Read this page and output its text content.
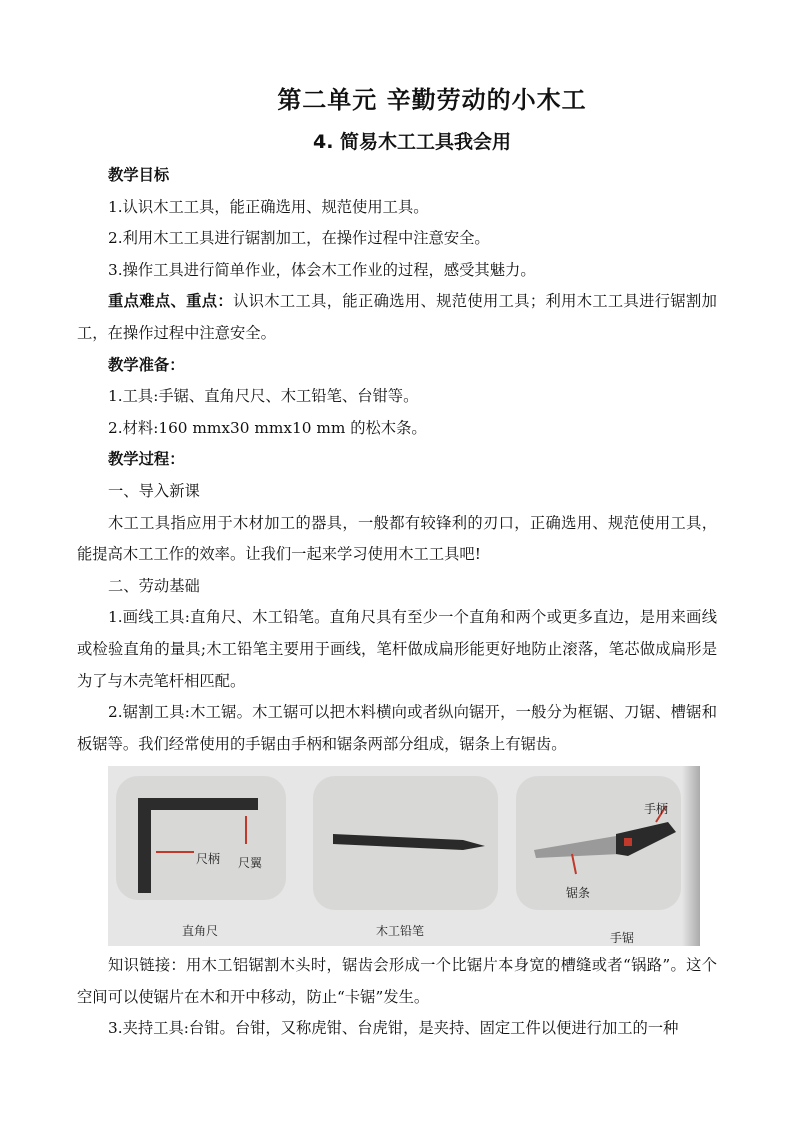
第二单元 辛勤劳动的小木工
4. 简易木工工具我会用

教学目标

1.认识木工工具，能正确选用、规范使用工具。

2.利用木工工具进行锯割加工，在操作过程中注意安全。

3.操作工具进行简单作业，体会木工作业的过程，感受其魅力。

重点难点、重点：认识木工工具，能正确选用、规范使用工具；利用木工工具进行锯割加工，在操作过程中注意安全。

教学准备：

1.工具:手锯、直角尺尺、木工铅笔、台钳等。

2.材料:160 mmx30 mmx10 mm 的松木条。

教学过程：

一、导入新课

木工工具指应用于木材加工的器具，一般都有较锋利的刃口，正确选用、规范使用工具，能提高木工工作的效率。让我们一起来学习使用木工工具吧!

二、劳动基础

1.画线工具:直角尺、木工铅笔。直角尺具有至少一个直角和两个或更多直边，是用来画线或检验直角的量具;木工铅笔主要用于画线，笔杆做成扁形能更好地防止滚落，笔芯做成扁形是为了与木壳笔杆相匹配。

2.锯割工具:木工锯。木工锯可以把木料横向或者纵向锯开，一般分为框锯、刀锯、槽锯和板锯等。我们经常使用的手锯由手柄和锯条两部分组成，锯条上有锯齿。

尺柄 尺翼
直角尺	木工铅笔
手柄
锯条
手锯

知识链接：用木工铝锯割木头时，锯齿会形成一个比锯片本身宽的槽缝或者“锅路”。这个空间可以使锯片在木和开中移动，防止“卡锯”发生。

3.夹持工具:台钳。台钳，又称虎钳、台虎钳，是夹持、固定工件以便进行加工的一种
